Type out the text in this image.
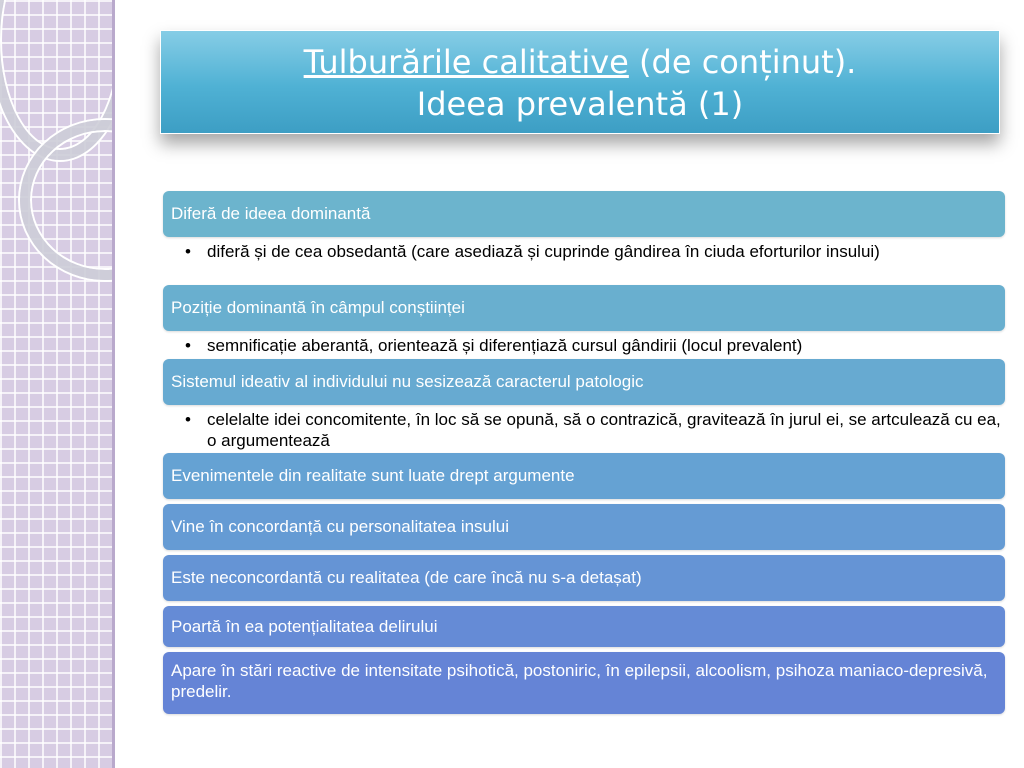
Tulburările calitative (de conținut).
Ideea prevalentă (1)
Diferă de ideea dominantă
• diferă și de cea obsedantă (care asediază și cuprinde gândirea în ciuda eforturilor insului)
Poziție dominantă în câmpul conștiinței
• semnificație aberantă, orientează și diferențiază cursul gândirii (locul prevalent)
Sistemul ideativ al individului nu sesizează caracterul patologic
• celelalte idei concomitente, în loc să se opună, să o contrazică, gravitează în jurul ei, se artculează cu ea, o argumentează
Evenimentele din realitate sunt luate drept argumente
Vine în concordanță cu personalitatea insului
Este neconcordantă cu realitatea (de care încă nu s-a detașat)
Poartă în ea potențialitatea delirului
Apare în stări reactive de intensitate psihotică, postoniric, în epilepsii, alcoolism, psihoza maniaco-depresivă, predelir.
